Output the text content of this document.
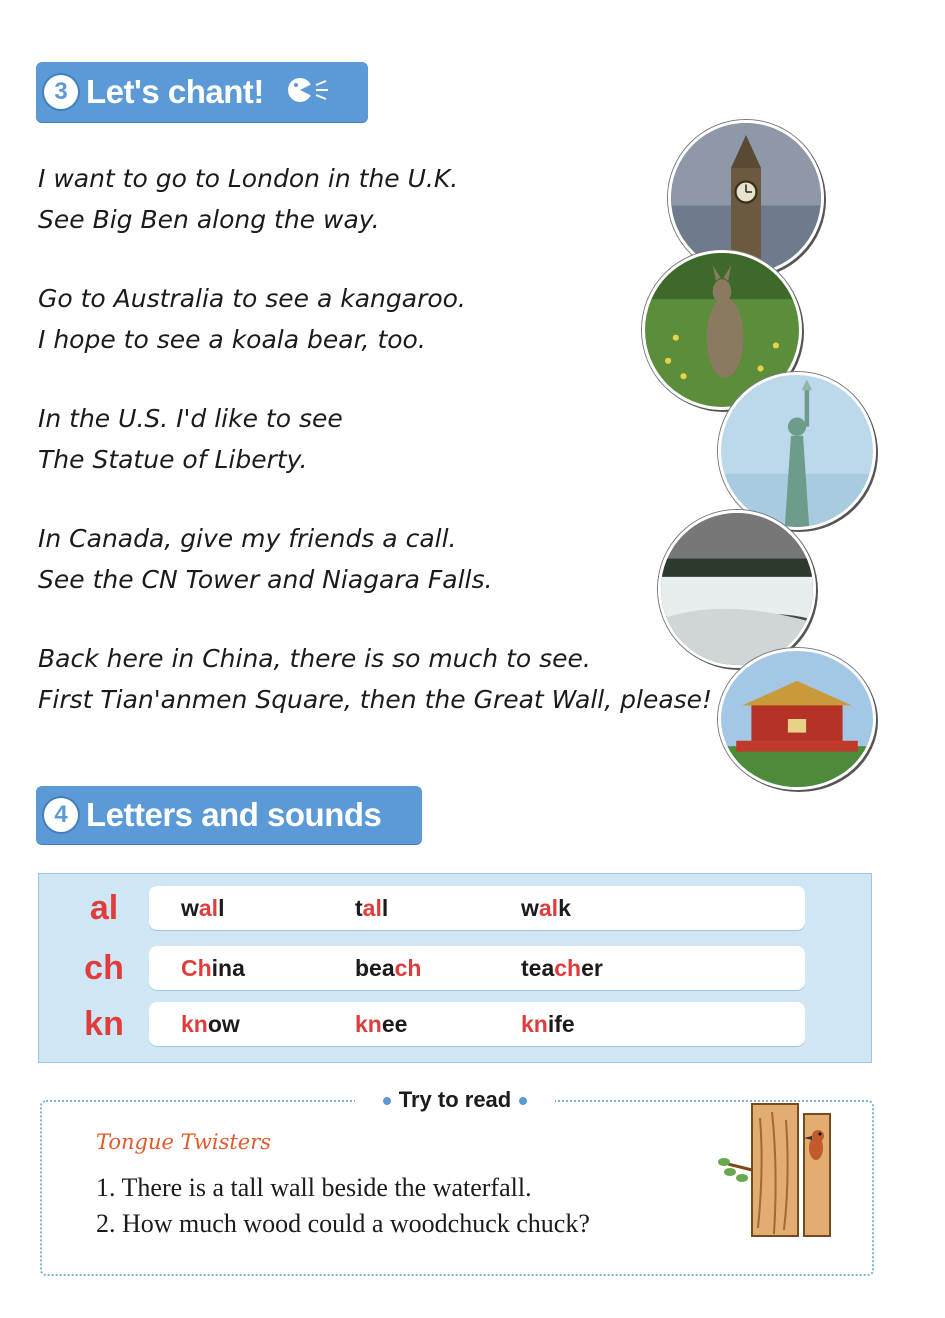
3 Let's chant!
I want to go to London in the U.K.
See Big Ben along the way.
Go to Australia to see a kangaroo.
I hope to see a koala bear, too.
In the U.S. I'd like to see
The Statue of Liberty.
In Canada, give my friends a call.
See the CN Tower and Niagara Falls.
Back here in China, there is so much to see.
First Tian'anmen Square, then the Great Wall, please!
4 Letters and sounds
al	wall	tall	walk
ch	China	beach	teacher
kn	know	knee	knife
Try to read
Tongue Twisters
1. There is a tall wall beside the waterfall.
2. How much wood could a woodchuck chuck?
